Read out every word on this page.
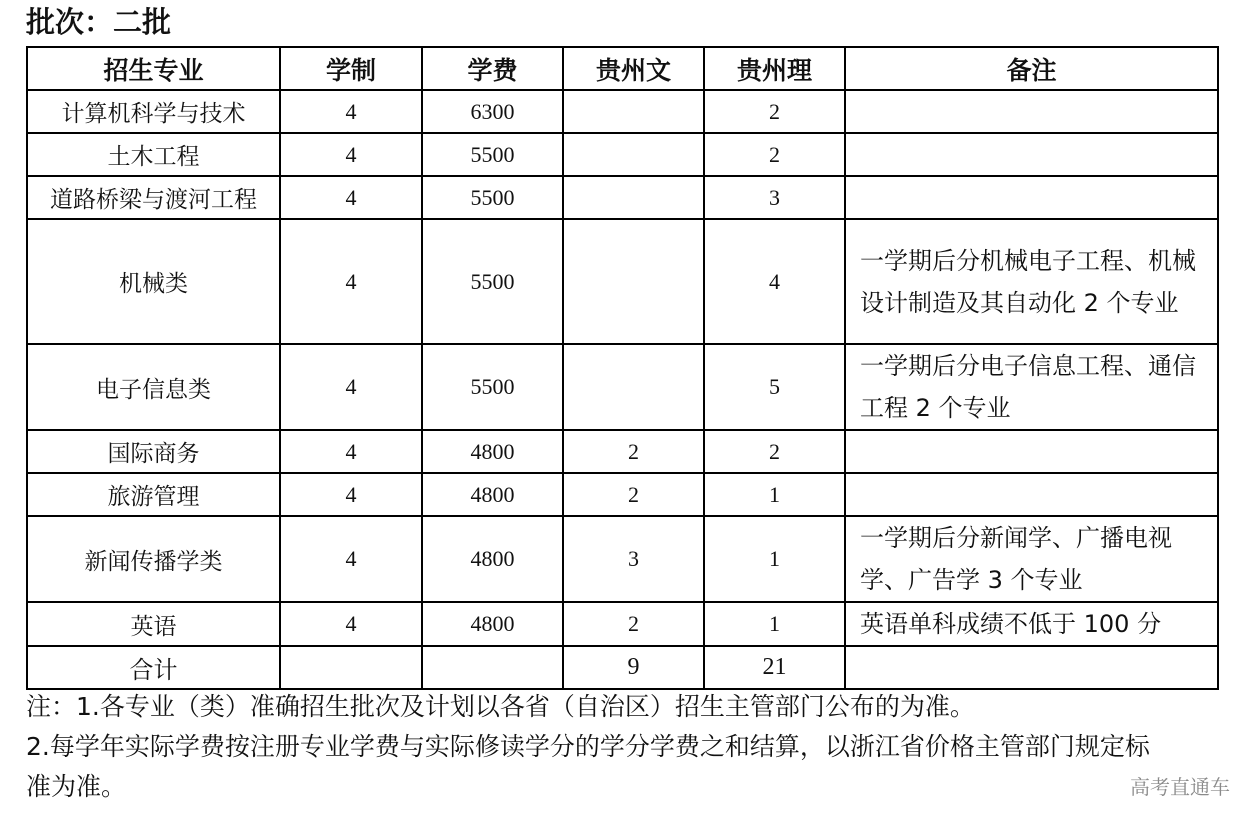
批次：二批
招生专业	学制	学费	贵州文	贵州理	备注
计算机科学与技术	4	6300		2	
土木工程	4	5500		2	
道路桥梁与渡河工程	4	5500		3	
机械类	4	5500		4	一学期后分机械电子工程、机械设计制造及其自动化 2 个专业
电子信息类	4	5500		5	一学期后分电子信息工程、通信工程 2 个专业
国际商务	4	4800	2	2	
旅游管理	4	4800	2	1	
新闻传播学类	4	4800	3	1	一学期后分新闻学、广播电视学、广告学 3 个专业
英语	4	4800	2	1	英语单科成绩不低于 100 分
合计			9	21	

注：1.各专业（类）准确招生批次及计划以各省（自治区）招生主管部门公布的为准。

2.每学年实际学费按注册专业学费与实际修读学分的学分学费之和结算，以浙江省价格主管部门规定标准为准。	高考直通车
